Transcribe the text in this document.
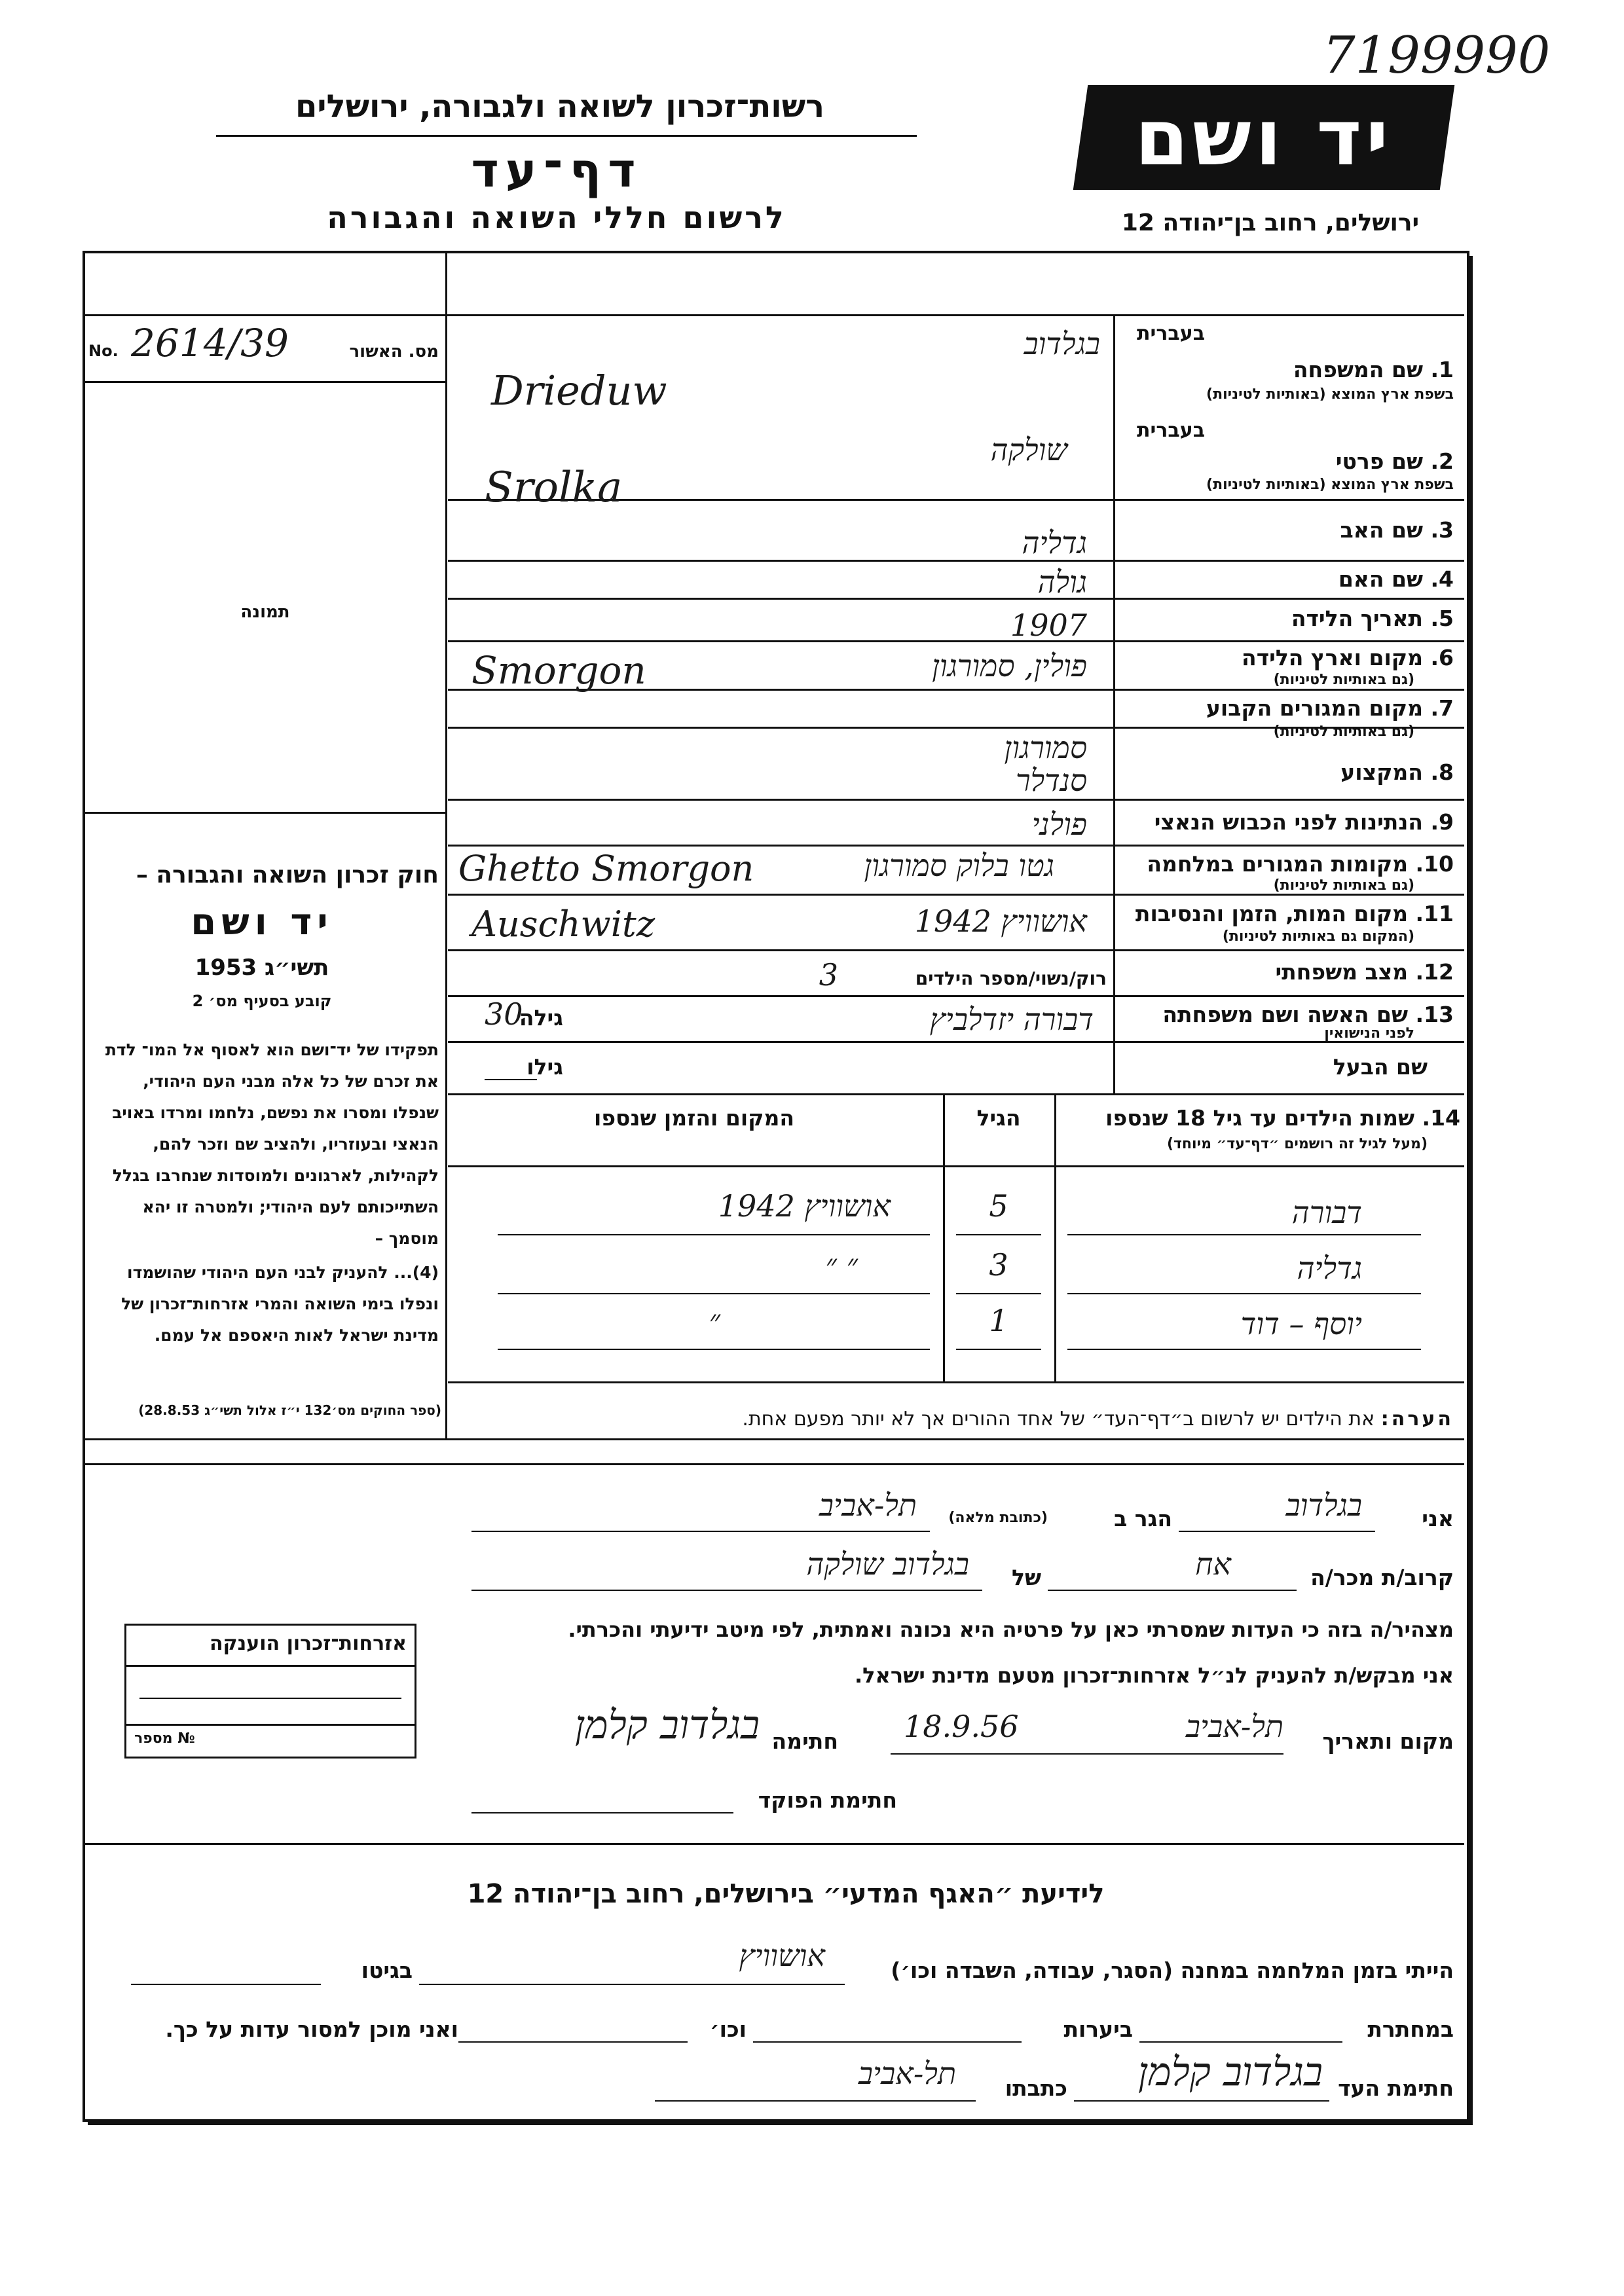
7199990
יד ושם
רשות־זכרון לשואה ולגבורה, ירושלים
דף־עד
לרשום חללי השואה והגבורה	ירושלים, רחוב בן־יהודה 12
מס. האשור
No. 2614/39
תמונה
חוק זכרון השואה והגבורה –
יד ושם
תשי״ג 1953
קובע בסעיף מס׳ 2
תפקידו של יד־ושם הוא לאסוף אל המו־ לדת את זכרם של כל אלה מבני העם היהודי, שנפלו ומסרו את נפשם, נלחמו ומרדו באויב הנאצי ובעוזריו, ולהציב שם וזכר להם, לקהילות, לארגונים ולמוסדות שנחרבו בגלל השתייכותם לעם היהודי; ולמטרה זו יהא מוסמך –
(4)... להעניק לבני העם היהודי שהושמדו ונפלו בימי השואה והמרי אזרחות־זכרון של מדינת ישראל לאות היאספם אל עמם.
(ספר החוקים מס׳132 י״ז אלול תשי״ג 28.8.53)
אזרחות־זכרון הוענקה
מספר №
בעברית
1. שם המשפחה
בשפת ארץ המוצא (באותיות לטיניות)
בעברית
2. שם פרטי
בשפת ארץ המוצא (באותיות לטיניות)
3. שם האב
4. שם האם
5. תאריך הלידה
6. מקום וארץ הלידה
(גם באותיות לטיניות)
7. מקום המגורים הקבוע
(גם באותיות לטיניות)
8. המקצוע
9. הנתינות לפני הכבוש הנאצי
10. מקומות המגורים במלחמה
(גם באותיות לטיניות)
11. מקום המות, הזמן והנסיבות
(המקום גם באותיות לטיניות)
12. מצב משפחתי
רוק/נשוי/מספר הילדים
13. שם האשה ושם משפחתה
לפני הנישואין
גילה
שם הבעל
גילו
בגלדוב
Drieduw
שולקה
Srolka
גדליה
גולה
1907
פולין, סמורגון
Smorgon
סמורגון
סנדלר
פולני
גטו בלוק סמורגון
Ghetto Smorgon
אושוויץ 1942
Auschwitz
3
30	דבורה יזדלביץ
14. שמות הילדים עד גיל 18 שנספו
(מעל לגיל זה רושמים ״דף־עד״ מיוחד)
הגיל
המקום והזמן שנספו
דבורה
5
אושוויץ 1942
גדליה
3
״ ״
יוסף – דוד
1
״
הערה: את הילדים יש לרשום ב״דף־העד״ של אחד ההורים אך לא יותר מפעם אחת.
אני
בגלדוב
הגר ב
(כתובת מלאה)
תל-אביב
קרוב/ת מכר/ה
אח
של
בגלדוב שולקה
מצהיר/ה בזה כי העדות שמסרתי כאן על פרטיה היא נכונה ואמתית, לפי מיטב ידיעתי והכרתי.
אני מבקש/ת להעניק לנ״ל אזרחות־זכרון מטעם מדינת ישראל.
מקום ותאריך
תל-אביב
18.9.56
חתימה
בגלדוב קלמן
חתימת הפוקד
לידיעת ״האגף המדעי״ בירושלים, רחוב בן־יהודה 12
הייתי בזמן המלחמה במחנה (הסגר, עבודה, השבדה וכו׳)
אושוויץ
בגיטו
במחתרת
ביערות
וכו׳
ואני מוכן למסור עדות על כך.
חתימת העד
בגלדוב קלמן
כתבתו
תל-אביב
